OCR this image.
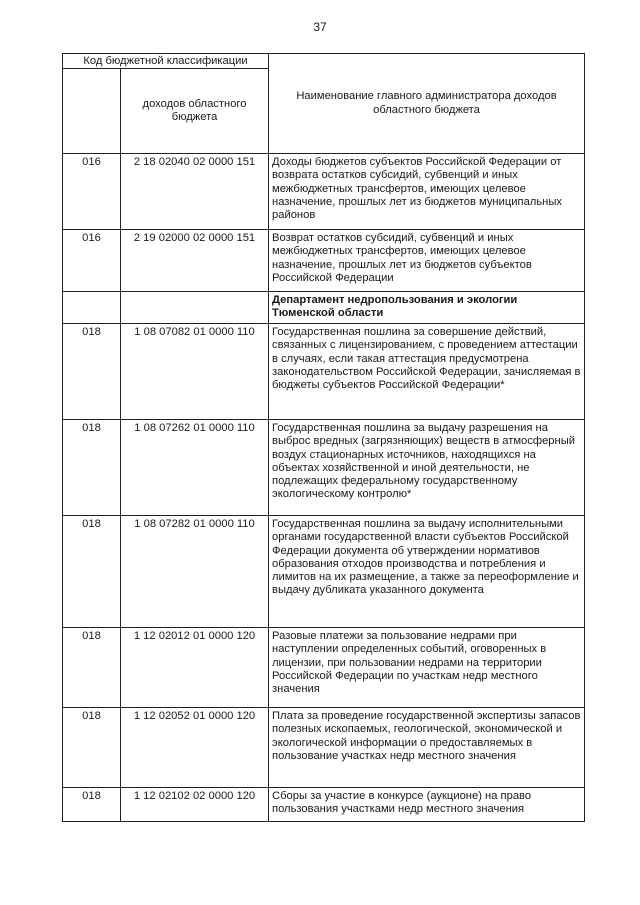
37
Код бюджетной классификации		Наименование главного администратора доходов областного бюджета
	доходов областного бюджета	
016	2 18 02040 02 0000 151	Доходы бюджетов субъектов Российской Федерации от возврата остатков субсидий, субвенций и иных межбюджетных трансфертов, имеющих целевое назначение, прошлых лет из бюджетов муниципальных районов
016	2 19 02000 02 0000 151	Возврат остатков субсидий, субвенций и иных межбюджетных трансфертов, имеющих целевое назначение, прошлых лет из бюджетов субъектов Российской Федерации
		Департамент недропользования и экологии Тюменской области
018	1 08 07082 01 0000 110	Государственная пошлина за совершение действий, связанных с лицензированием, с проведением аттестации в случаях, если такая аттестация предусмотрена законодательством Российской Федерации, зачисляемая в бюджеты субъектов Российской Федерации*
018	1 08 07262 01 0000 110	Государственная пошлина за выдачу разрешения на выброс вредных (загрязняющих) веществ в атмосферный воздух стационарных источников, находящихся на объектах хозяйственной и иной деятельности, не подлежащих федеральному государственному экологическому контролю*
018	1 08 07282 01 0000 110	Государственная пошлина за выдачу исполнительными органами государственной власти субъектов Российской Федерации документа об утверждении нормативов образования отходов производства и потребления и лимитов на их размещение, а также за переоформление и выдачу дубликата указанного документа
018	1 12 02012 01 0000 120	Разовые платежи за пользование недрами при наступлении определенных событий, оговоренных в лицензии, при пользовании недрами на территории Российской Федерации по участкам недр местного значения
018	1 12 02052 01 0000 120	Плата за проведение государственной экспертизы запасов полезных ископаемых, геологической, экономической и экологической информации о предоставляемых в пользование участках недр местного значения
018	1 12 02102 02 0000 120	Сборы за участие в конкурсе (аукционе) на право пользования участками недр местного значения
